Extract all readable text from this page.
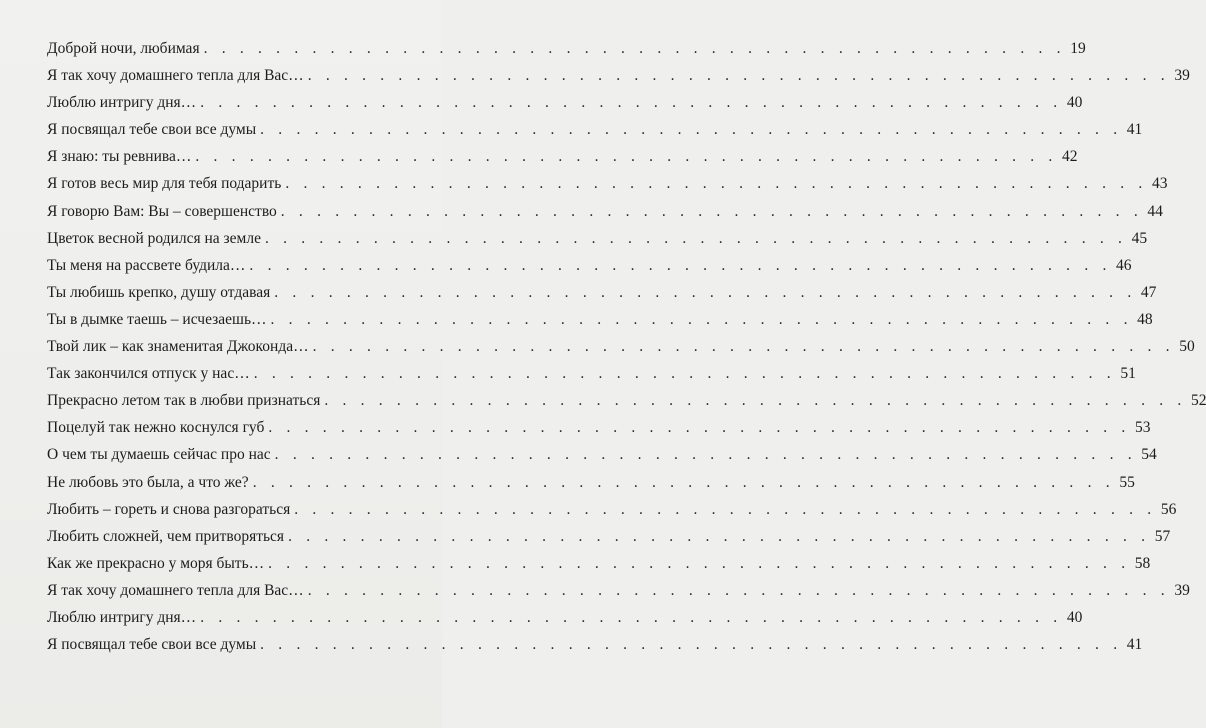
Доброй ночи, любимая . . . . . . . . . . . . . . . . . . . . . . . . . . . . . . . . . . . . . . . . . . . . . . . . 19
Я так хочу домашнего тепла для Вас… . . . . . . . . . . . . . . . . . . . . . . . . . . . . . . . . . . . . . . . . . . . . . . . . 39
Люблю интригу дня… . . . . . . . . . . . . . . . . . . . . . . . . . . . . . . . . . . . . . . . . . . . . . . . . 40
Я посвящал тебе свои все думы . . . . . . . . . . . . . . . . . . . . . . . . . . . . . . . . . . . . . . . . . . . . . . . . 41
Я знаю: ты ревнива… . . . . . . . . . . . . . . . . . . . . . . . . . . . . . . . . . . . . . . . . . . . . . . . . 42
Я готов весь мир для тебя подарить . . . . . . . . . . . . . . . . . . . . . . . . . . . . . . . . . . . . . . . . . . . . . . . . 43
Я говорю Вам: Вы – совершенство . . . . . . . . . . . . . . . . . . . . . . . . . . . . . . . . . . . . . . . . . . . . . . . . 44
Цветок весной родился на земле . . . . . . . . . . . . . . . . . . . . . . . . . . . . . . . . . . . . . . . . . . . . . . . . 45
Ты меня на рассвете будила… . . . . . . . . . . . . . . . . . . . . . . . . . . . . . . . . . . . . . . . . . . . . . . . . 46
Ты любишь крепко, душу отдавая . . . . . . . . . . . . . . . . . . . . . . . . . . . . . . . . . . . . . . . . . . . . . . . . 47
Ты в дымке таешь – исчезаешь… . . . . . . . . . . . . . . . . . . . . . . . . . . . . . . . . . . . . . . . . . . . . . . . . 48
Твой лик – как знаменитая Джоконда… . . . . . . . . . . . . . . . . . . . . . . . . . . . . . . . . . . . . . . . . . . . . . . . . 50
Так закончился отпуск у нас… . . . . . . . . . . . . . . . . . . . . . . . . . . . . . . . . . . . . . . . . . . . . . . . . 51
Прекрасно летом так в любви признаться . . . . . . . . . . . . . . . . . . . . . . . . . . . . . . . . . . . . . . . . . . . . . . . . 52
Поцелуй так нежно коснулся губ . . . . . . . . . . . . . . . . . . . . . . . . . . . . . . . . . . . . . . . . . . . . . . . . 53
О чем ты думаешь сейчас про нас . . . . . . . . . . . . . . . . . . . . . . . . . . . . . . . . . . . . . . . . . . . . . . . . 54
Не любовь это была, а что же? . . . . . . . . . . . . . . . . . . . . . . . . . . . . . . . . . . . . . . . . . . . . . . . . 55
Любить – гореть и снова разгораться . . . . . . . . . . . . . . . . . . . . . . . . . . . . . . . . . . . . . . . . . . . . . . . . 56
Любить сложней, чем притворяться . . . . . . . . . . . . . . . . . . . . . . . . . . . . . . . . . . . . . . . . . . . . . . . . 57
Как же прекрасно у моря быть… . . . . . . . . . . . . . . . . . . . . . . . . . . . . . . . . . . . . . . . . . . . . . . . . 58
Я так хочу домашнего тепла для Вас… . . . . . . . . . . . . . . . . . . . . . . . . . . . . . . . . . . . . . . . . . . . . . . . . 39
Люблю интригу дня… . . . . . . . . . . . . . . . . . . . . . . . . . . . . . . . . . . . . . . . . . . . . . . . . 40
Я посвящал тебе свои все думы . . . . . . . . . . . . . . . . . . . . . . . . . . . . . . . . . . . . . . . . . . . . . . . . 41
